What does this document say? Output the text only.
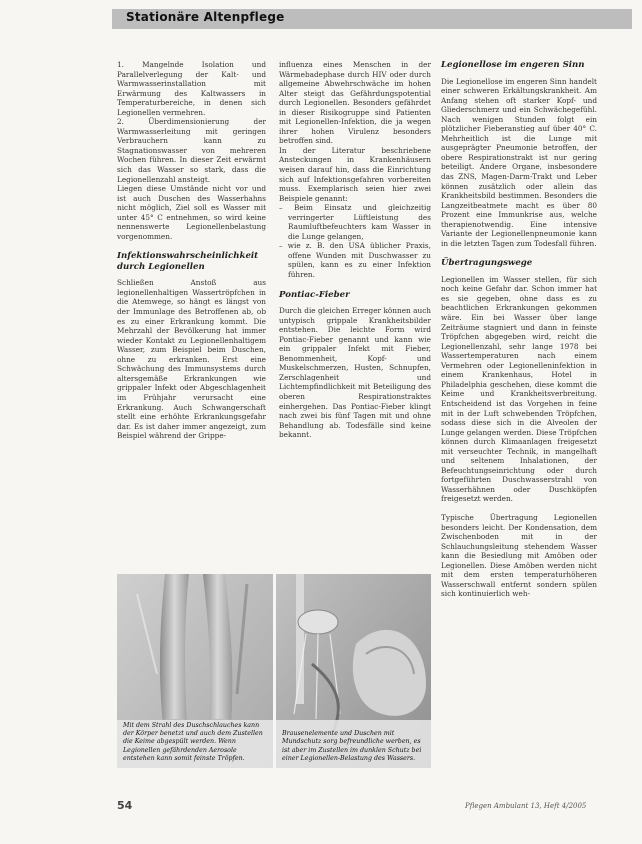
Stationäre Altenpflege

1. Mangelnde Isolation und Parallelverlegung der Kalt- und Warmwasserinstallation mit Erwärmung des Kaltwassers in Temperaturbereiche, in denen sich Legionellen vermehren.

2. Überdimensionierung der Warmwasserleitung mit geringen Verbrauchern kann zu Stagnationswasser von mehreren Wochen führen. In dieser Zeit erwärmt sich das Wasser so stark, dass die Legionellenzahl ansteigt.

Liegen diese Umstände nicht vor und ist auch Duschen des Wasserhahns nicht möglich, Ziel soll es Wasser mit unter 45° C entnehmen, so wird keine nennenswerte Legionellenbelastung vorgenommen.

Infektionswahrscheinlichkeit durch Legionellen

Schließen Anstoß aus legionellenhaltigen Wassertröpfchen in die Atemwege, so hängt es längst von der Immunlage des Betroffenen ab, ob es zu einer Erkrankung kommt. Die Mehrzahl der Bevölkerung hat immer wieder Kontakt zu Legionellenhaltigem Wasser, zum Beispiel beim Duschen, ohne zu erkranken. Erst eine Schwächung des Immunsystems durch altersgemäße Erkrankungen wie grippaler Infekt oder Abgeschlagenheit im Frühjahr verursacht eine Erkrankung. Auch Schwangerschaft stellt eine erhöhte Erkrankungsgefahr dar. Es ist daher immer angezeigt, zum Beispiel während der Grippe-

influenza eines Menschen in der Wärmebadephase durch HIV oder durch allgemeine Abwehrschwäche im hohen Alter steigt das Gefährdungspotential durch Legionellen. Besonders gefährdet in dieser Risikogruppe sind Patienten mit Legionellen-Infektion, die ja wegen ihrer hohen Virulenz besonders betroffen sind.

In der Literatur beschriebene Ansteckungen in Krankenhäusern weisen darauf hin, dass die Einrichtung sich auf Infektionsgefahren vorbereiten muss. Exemplarisch seien hier zwei Beispiele genannt:

– Beim Einsatz und gleichzeitig verringerter Lüftleistung des Raumluftbefeuchters kam Wasser in die Lunge gelangen,
– wie z. B. den USA üblicher Praxis, offene Wunden mit Duschwasser zu spülen, kann es zu einer Infektion führen.

Pontiac-Fieber

Durch die gleichen Erreger können auch untypisch grippale Krankheitsbilder entstehen. Die leichte Form wird Pontiac-Fieber genannt und kann wie ein grippaler Infekt mit Fieber, Benommenheit, Kopf- und Muskelschmerzen, Husten, Schnupfen, Zerschlagenheit und Lichtempfindlichkeit mit Beteiligung des oberen Respirationstraktes einhergehen. Das Pontiac-Fieber klingt nach zwei bis fünf Tagen mit und ohne Behandlung ab. Todesfälle sind keine bekannt.

Legionellose im engeren Sinn

Die Legionellose im engeren Sinn handelt einer schweren Erkältungskrankheit. Am Anfang stehen oft starker Kopf- und Gliederschmerz und ein Schwächegefühl. Nach wenigen Stunden folgt ein plötzlicher Fieberanstieg auf über 40° C. Mehrheitlich ist die Lunge mit ausgeprägter Pneumonie betroffen, der obere Respirationstrakt ist nur gering beteiligt. Andere Organe, insbesondere das ZNS, Magen-Darm-Trakt und Leber können zusätzlich oder allein das Krankheitsbild bestimmen. Besonders die Langzeitbeatmete macht es über 80 Prozent eine Immunkrise aus, welche therapienotwendig. Eine intensive Variante der Legionellenpneumonie kann in die letzten Tagen zum Todesfall führen.

Übertragungswege

Legionellen im Wasser stellen, für sich noch keine Gefahr dar. Schon immer hat es sie gegeben, ohne dass es zu beachtlichen Erkrankungen gekommen wäre. Ein bei Wasser über lange Zeiträume stagniert und dann in feinste Tröpfchen abgegeben wird, reicht die Legionellenzahl, sehr lange 1978 bei Wassertemperaturen nach einem Vermehren oder Legionelleninfektion in einem Krankenhaus, Hotel in Philadelphia geschehen, diese kommt die Keime und Krankheitsverbreitung. Entscheidend ist das Vorgehen in feine mit in der Luft schwebenden Tröpfchen, sodass diese sich in die Alveolen der Lunge gelangen werden. Diese Tröpfchen können durch Klimaanlagen freigesetzt mit verseuchter Technik, in mangelhaft und seltenem Inhalationen, der Befeuchtungseinrichtung oder durch fortgeführten Duschwasserstrahl von Wasserhähnen oder Duschköpfen freigesetzt werden.

Typische Übertragung Legionellen besonders leicht. Der Kondensation, dem Zwischenboden mit in der Schlauchungsleitung stehendem Wasser kann die Besiedlung mit Amöben oder Legionellen. Diese Amöben werden nicht mit dem ersten temperaturhöheren Wasserschwall entfernt sondern spülen sich kontinuierlich weh-

Mit dem Strahl des Duschschlauches kann der Körper benetzt und auch dem Zustellen die Keime abgespült werden. Wenn Legionellen gefährdenden Aerosole entstehen kann somit feinste Tröpfen.
Brausenelemente und Duschen mit Mundschutz sorg befreundliche werben, es ist aber im Zustellen im dunklen Schutz bei einer Legionellen-Belastung des Wassers.
54	Pflegen Ambulant 13, Heft 4/2005
